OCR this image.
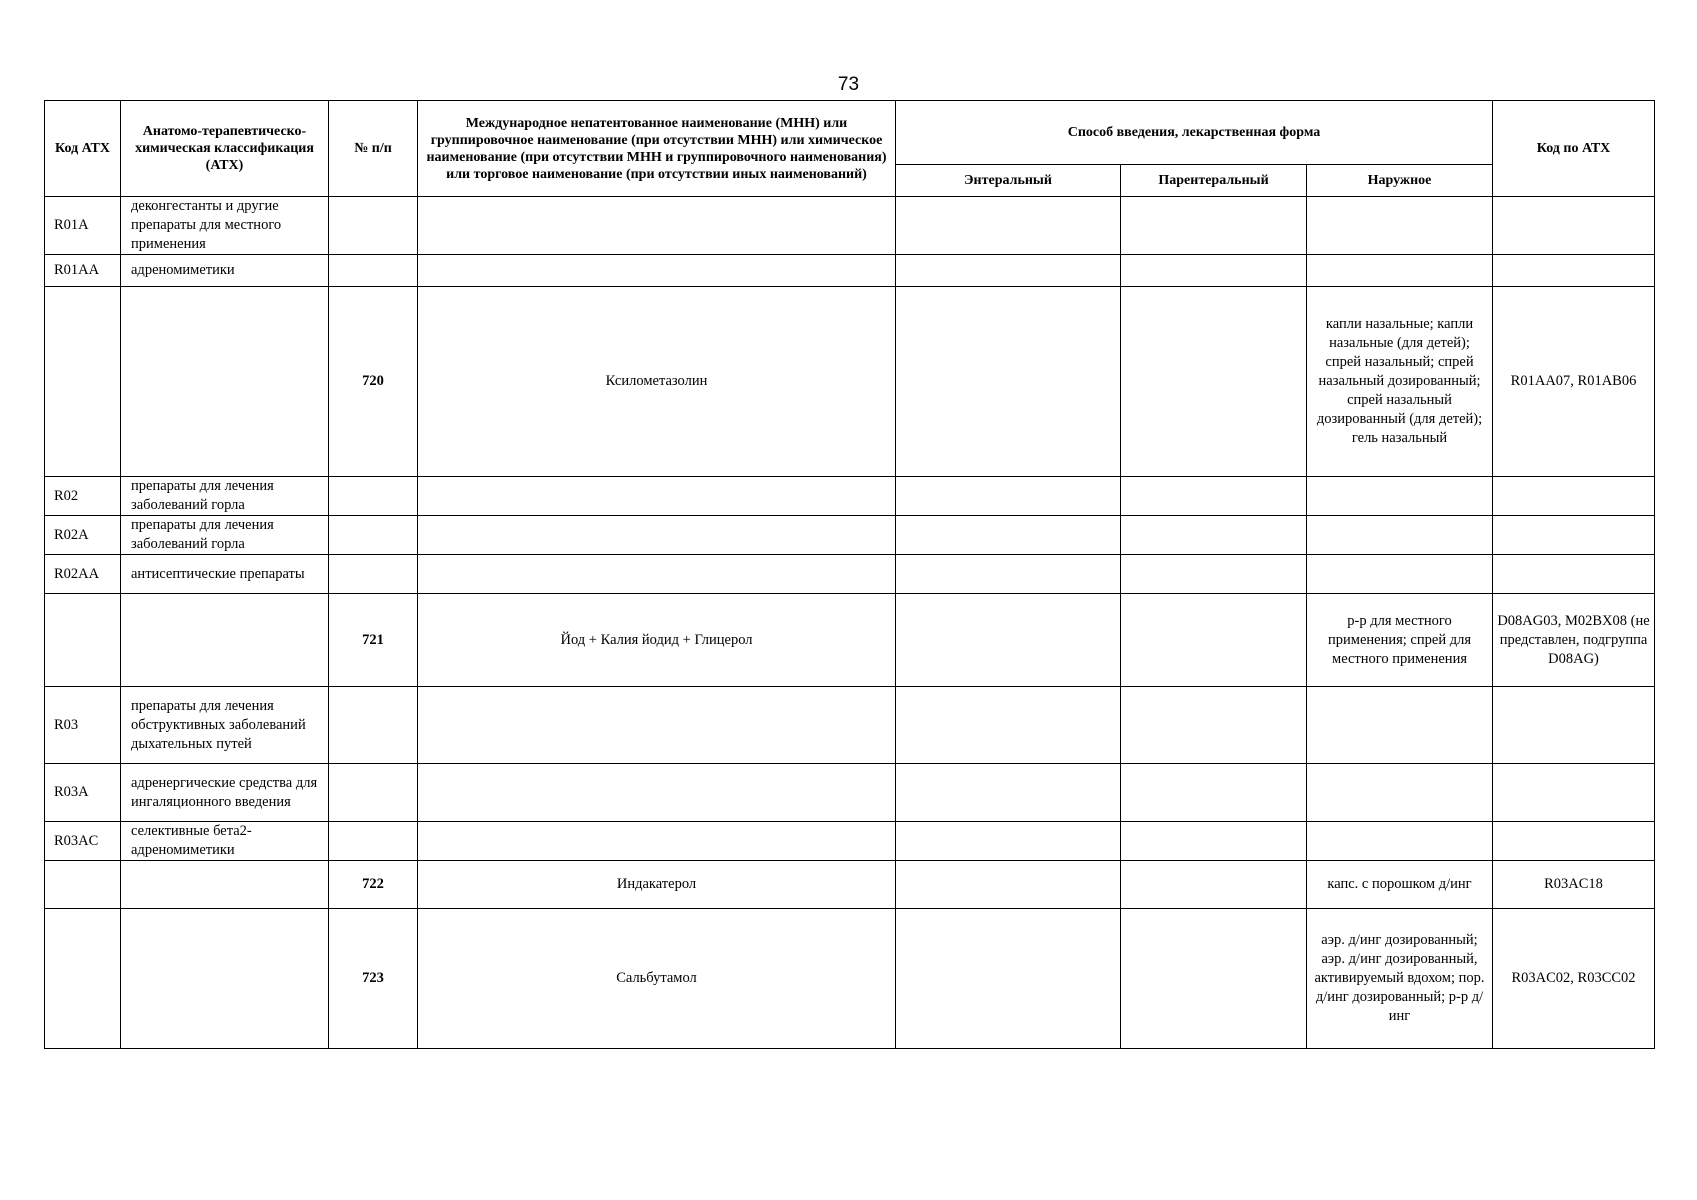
73
Код АТХ	Анатомо-терапевтическо-химическая классификация (АТХ)	№ п/п	Международное непатентованное наименование (МНН) или группировочное наименование (при отсутствии МНН) или химическое наименование (при отсутствии МНН и группировочного наименования) или торговое наименование (при отсутствии иных наименований)	Способ введения, лекарственная форма			Код по АТХ
				Энтеральный	Парентеральный	Наружное	
R01A	деконгестанты и другие препараты для местного применения						
R01AA	адреномиметики						
		720	Ксилометазолин			капли назальные; капли назальные (для детей); спрей назальный; спрей назальный дозированный; спрей назальный дозированный (для детей); гель назальный	R01AA07, R01AB06
R02	препараты для лечения заболеваний горла						
R02A	препараты для лечения заболеваний горла						
R02AA	антисептические препараты						
		721	Йод + Калия йодид + Глицерол			р-р для местного применения; спрей для местного применения	D08AG03, M02BX08 (не представлен, подгруппа D08AG)
R03	препараты для лечения обструктивных заболеваний дыхательных путей						
R03A	адренергические средства для ингаляционного введения						
R03AC	селективные бета2-адреномиметики						
		722	Индакатерол			капс. с порошком д/инг	R03AC18
		723	Сальбутамол			аэр. д/инг дозированный; аэр. д/инг дозированный, активируемый вдохом; пор. д/инг дозированный; р-р д/инг	R03AC02, R03CC02
